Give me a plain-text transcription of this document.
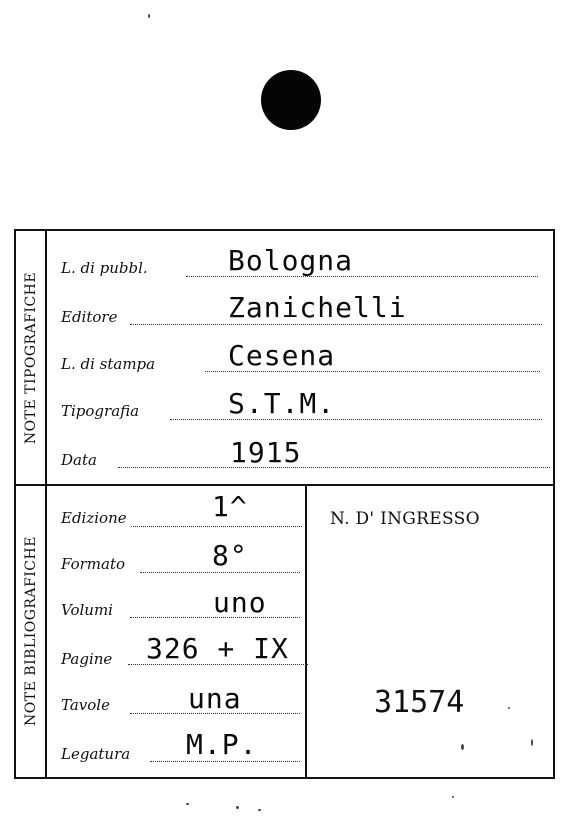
NOTE TIPOGRAFICHE
NOTE BIBLIOGRAFICHE
L. di pubbl.	Bologna
Editore	Zanichelli
L. di stampa	Cesena
Tipografia	S.T.M.
Data	1915
Edizione	1^
Formato	8°
Volumi	uno
Pagine 326 + IX
Tavole	una
Legatura M.P.
N. D' INGRESSO
31574
